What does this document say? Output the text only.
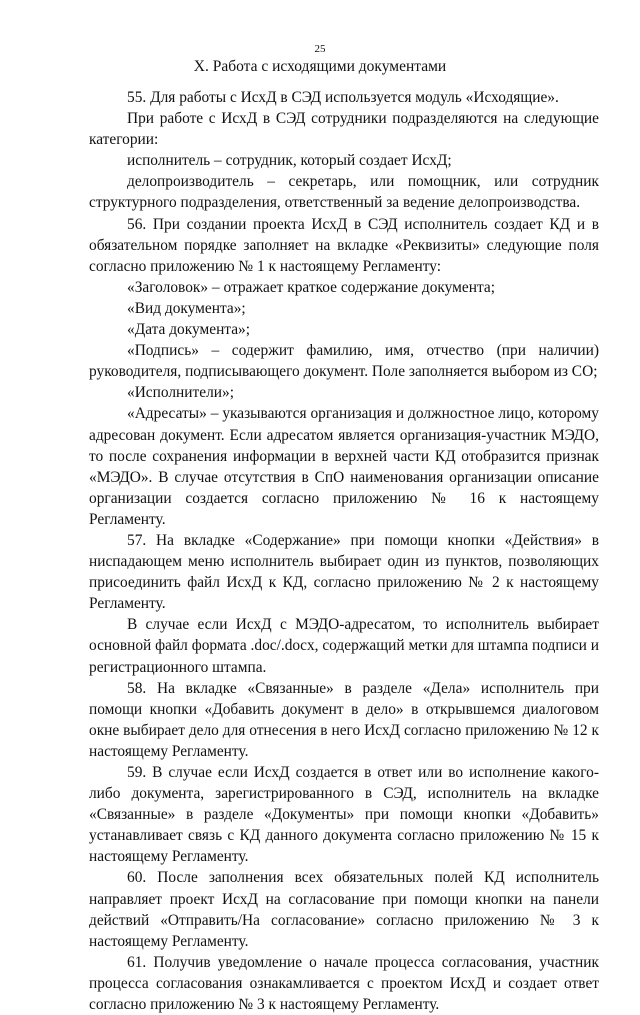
25
X. Работа с исходящими документами

55. Для работы с ИсхД в СЭД используется модуль «Исходящие».

При работе с ИсхД в СЭД сотрудники подразделяются на следующие категории:

исполнитель – сотрудник, который создает ИсхД;

делопроизводитель – секретарь, или помощник, или сотрудник структурного подразделения, ответственный за ведение делопроизводства.

56. При создании проекта ИсхД в СЭД исполнитель создает КД и в обязательном порядке заполняет на вкладке «Реквизиты» следующие поля согласно приложению № 1 к настоящему Регламенту:

«Заголовок» – отражает краткое содержание документа;

«Вид документа»;

«Дата документа»;

«Подпись» – содержит фамилию, имя, отчество (при наличии) руководителя, подписывающего документ. Поле заполняется выбором из СО;

«Исполнители»;

«Адресаты» – указываются организация и должностное лицо, которому адресован документ. Если адресатом является организация-участник МЭДО, то после сохранения информации в верхней части КД отобразится признак «МЭДО». В случае отсутствия в СпО наименования организации описание организации создается согласно приложению № 16 к настоящему Регламенту.

57. На вкладке «Содержание» при помощи кнопки «Действия» в ниспадающем меню исполнитель выбирает один из пунктов, позволяющих присоединить файл ИсхД к КД, согласно приложению № 2 к настоящему Регламенту.

В случае если ИсхД с МЭДО-адресатом, то исполнитель выбирает основной файл формата .doc/.docx, содержащий метки для штампа подписи и регистрационного штампа.

58. На вкладке «Связанные» в разделе «Дела» исполнитель при помощи кнопки «Добавить документ в дело» в открывшемся диалоговом окне выбирает дело для отнесения в него ИсхД согласно приложению № 12 к настоящему Регламенту.

59. В случае если ИсхД создается в ответ или во исполнение какого-либо документа, зарегистрированного в СЭД, исполнитель на вкладке «Связанные» в разделе «Документы» при помощи кнопки «Добавить» устанавливает связь с КД данного документа согласно приложению № 15 к настоящему Регламенту.

60. После заполнения всех обязательных полей КД исполнитель направляет проект ИсхД на согласование при помощи кнопки на панели действий «Отправить/На согласование» согласно приложению № 3 к настоящему Регламенту.

61. Получив уведомление о начале процесса согласования, участник процесса согласования ознакамливается с проектом ИсхД и создает ответ согласно приложению № 3 к настоящему Регламенту.
